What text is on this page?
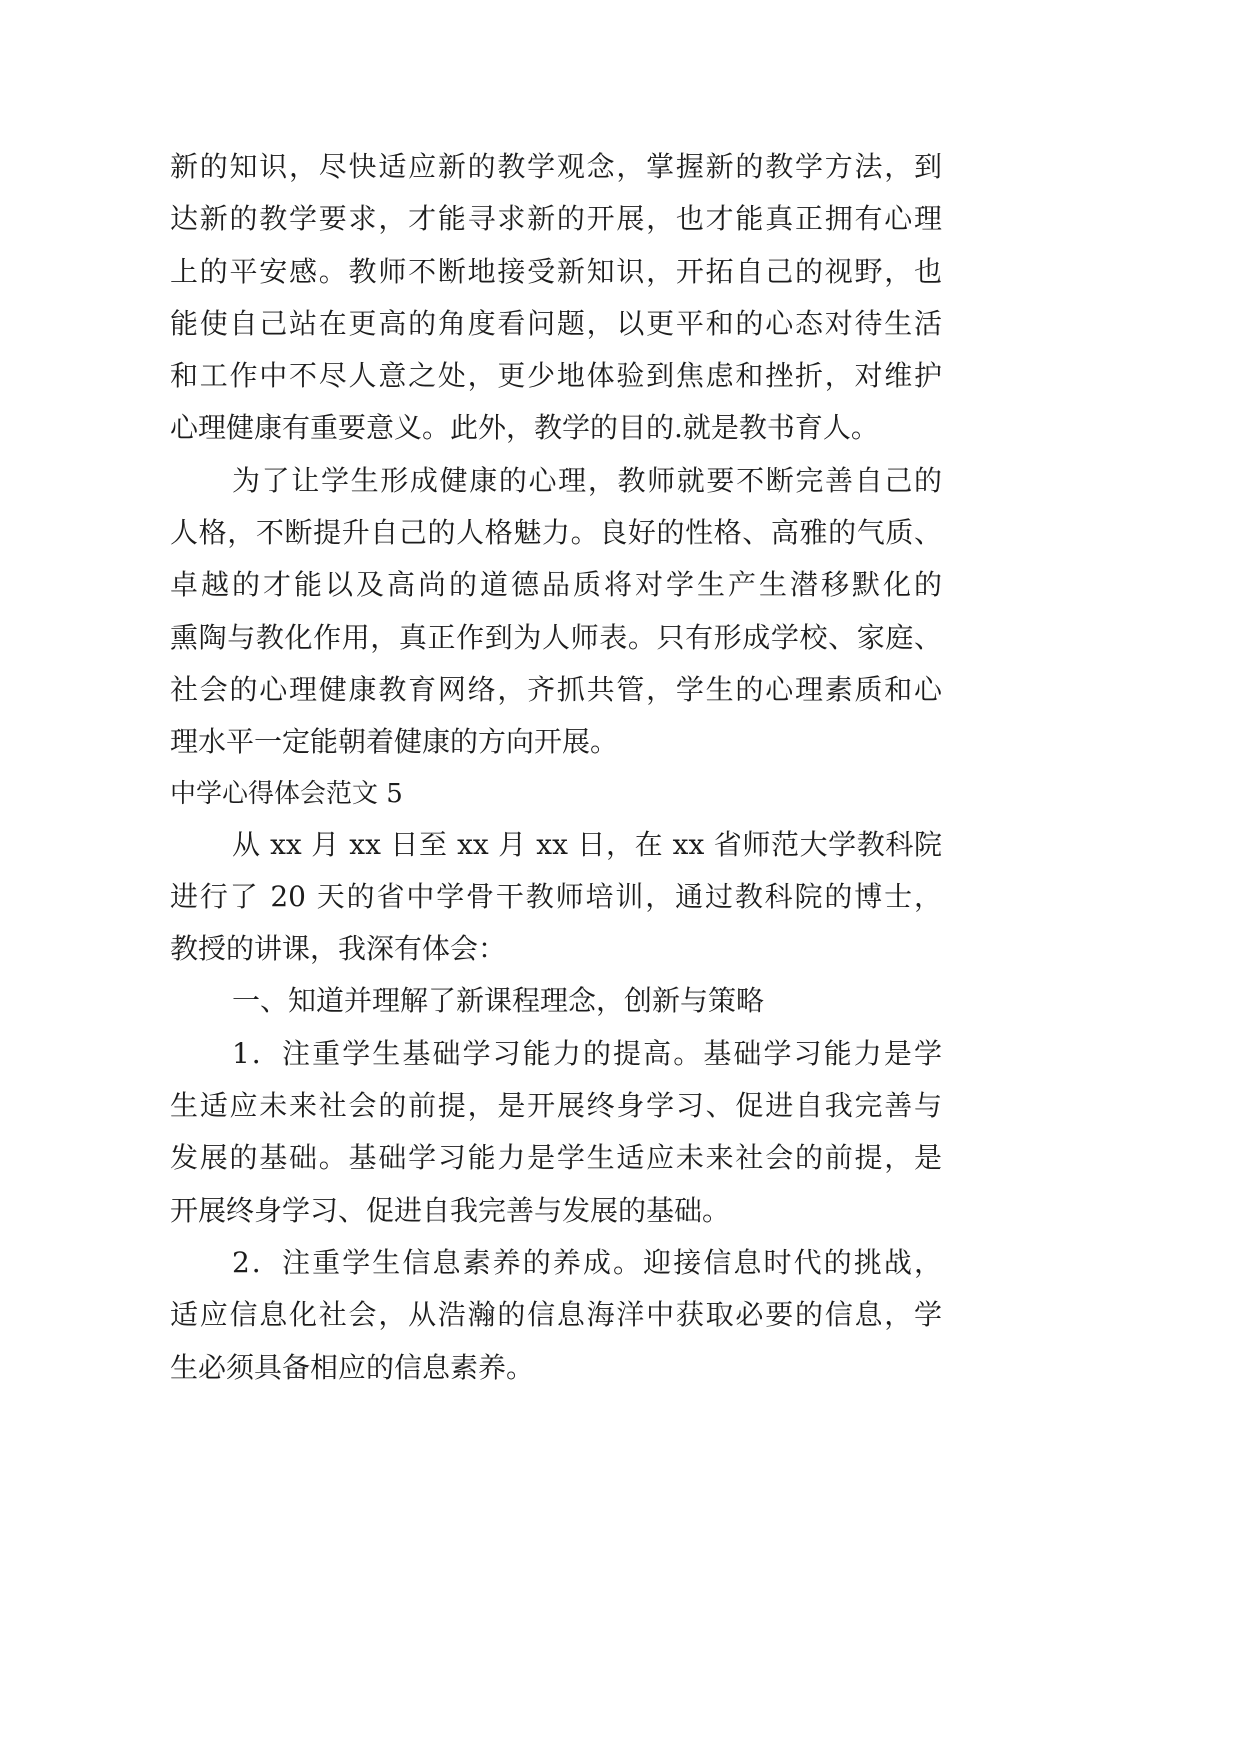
新的知识，尽快适应新的教学观念，掌握新的教学方法，到
达新的教学要求，才能寻求新的开展，也才能真正拥有心理
上的平安感。教师不断地接受新知识，开拓自己的视野，也
能使自己站在更高的角度看问题，以更平和的心态对待生活
和工作中不尽人意之处，更少地体验到焦虑和挫折，对维护
心理健康有重要意义。此外，教学的目的.就是教书育人。
为了让学生形成健康的心理，教师就要不断完善自己的
人格，不断提升自己的人格魅力。良好的性格、高雅的气质、
卓越的才能以及高尚的道德品质将对学生产生潜移默化的
熏陶与教化作用，真正作到为人师表。只有形成学校、家庭、
社会的心理健康教育网络，齐抓共管，学生的心理素质和心
理水平一定能朝着健康的方向开展。
中学心得体会范文 5
从 xx 月 xx 日至 xx 月 xx 日，在 xx 省师范大学教科院
进行了 20 天的省中学骨干教师培训，通过教科院的博士，
教授的讲课，我深有体会：
一、知道并理解了新课程理念，创新与策略
1．注重学生基础学习能力的提高。基础学习能力是学
生适应未来社会的前提，是开展终身学习、促进自我完善与
发展的基础。基础学习能力是学生适应未来社会的前提，是
开展终身学习、促进自我完善与发展的基础。
2．注重学生信息素养的养成。迎接信息时代的挑战，
适应信息化社会，从浩瀚的信息海洋中获取必要的信息，学
生必须具备相应的信息素养。
